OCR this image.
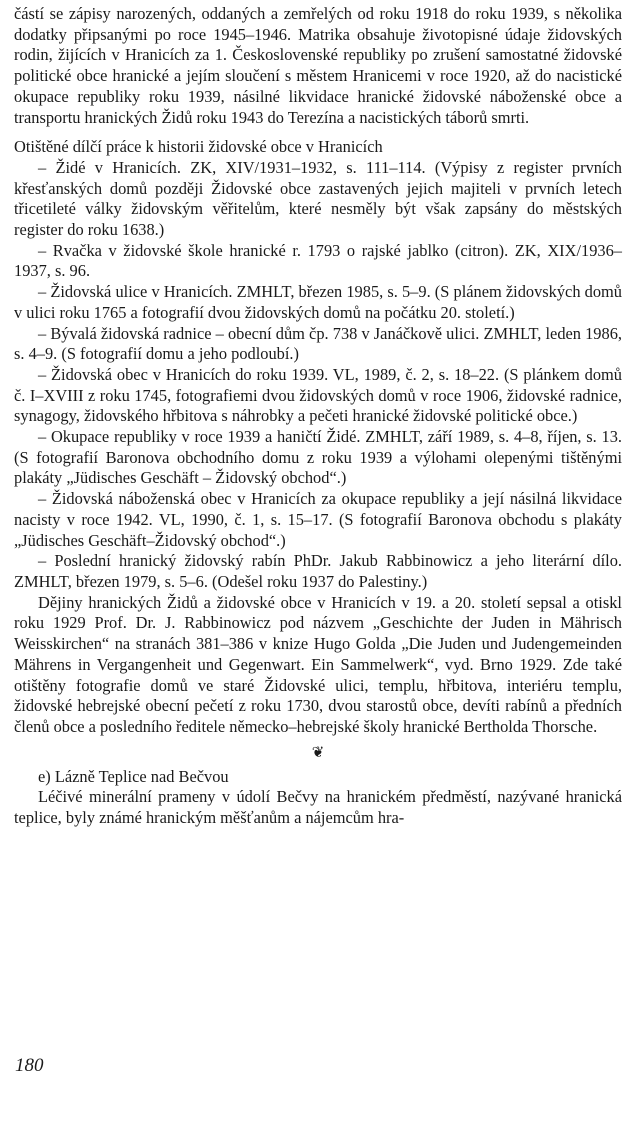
částí se zápisy narozených, oddaných a zemřelých od roku 1918 do roku 1939, s několika dodatky připsanými po roce 1945–1946. Matrika obsahuje životopisné údaje židovských rodin, žijících v Hranicích za 1. Československé republiky po zrušení samostatné židovské politické obce hranické a jejím sloučení s městem Hranicemi v roce 1920, až do nacistické okupace republiky roku 1939, násilné likvidace hranické židovské náboženské obce a transportu hranických Židů roku 1943 do Terezína a nacistických táborů smrti.

Otištěné dílčí práce k historii židovské obce v Hranicích

– Židé v Hranicích. ZK, XIV/1931–1932, s. 111–114. (Výpisy z register prvních křesťanských domů později Židovské obce zastavených jejich majiteli v prvních letech třicetileté války židovským věřitelům, které nesměly být však zapsány do městských register do roku 1638.)

– Rvačka v židovské škole hranické r. 1793 o rajské jablko (citron). ZK, XIX/1936–1937, s. 96.

– Židovská ulice v Hranicích. ZMHLT, březen 1985, s. 5–9. (S plánem židovských domů v ulici roku 1765 a fotografií dvou židovských domů na počátku 20. století.)

– Bývalá židovská radnice – obecní dům čp. 738 v Janáčkově ulici. ZMHLT, leden 1986, s. 4–9. (S fotografií domu a jeho podloubí.)

– Židovská obec v Hranicích do roku 1939. VL, 1989, č. 2, s. 18–22. (S plánkem domů č. I–XVIII z roku 1745, fotografiemi dvou židovských domů v roce 1906, židovské radnice, synagogy, židovského hřbitova s náhrobky a pečeti hranické židovské politické obce.)

– Okupace republiky v roce 1939 a haničtí Židé. ZMHLT, září 1989, s. 4–8, říjen, s. 13. (S fotografií Baronova obchodního domu z roku 1939 a výlohami olepenými tištěnými plakáty „Jüdisches Geschäft – Židovský obchod“.)

– Židovská náboženská obec v Hranicích za okupace republiky a její násilná likvidace nacisty v roce 1942. VL, 1990, č. 1, s. 15–17. (S fotografií Baronova obchodu s plakáty „Jüdisches Geschäft–Židovský obchod“.)

– Poslední hranický židovský rabín PhDr. Jakub Rabbinowicz a jeho literární dílo. ZMHLT, březen 1979, s. 5–6. (Odešel roku 1937 do Palestiny.)

Dějiny hranických Židů a židovské obce v Hranicích v 19. a 20. století sepsal a otiskl roku 1929 Prof. Dr. J. Rabbinowicz pod názvem „Geschichte der Juden in Mährisch Weisskirchen“ na stranách 381–386 v knize Hugo Golda „Die Juden und Judengemeinden Mährens in Vergangenheit und Gegenwart. Ein Sammelwerk“, vyd. Brno 1929. Zde také otištěny fotografie domů ve staré Židovské ulici, templu, hřbitova, interiéru templu, židovské hebrejské obecní pečetí z roku 1730, dvou starostů obce, devíti rabínů a předních členů obce a posledního ředitele německo–hebrejské školy hranické Bertholda Thorsche.

❦

e) Lázně Teplice nad Bečvou

Léčivé minerální prameny v údolí Bečvy na hranickém předměstí, nazývané hranická teplice, byly známé hranickým měšťanům a nájemcům hra-

180
